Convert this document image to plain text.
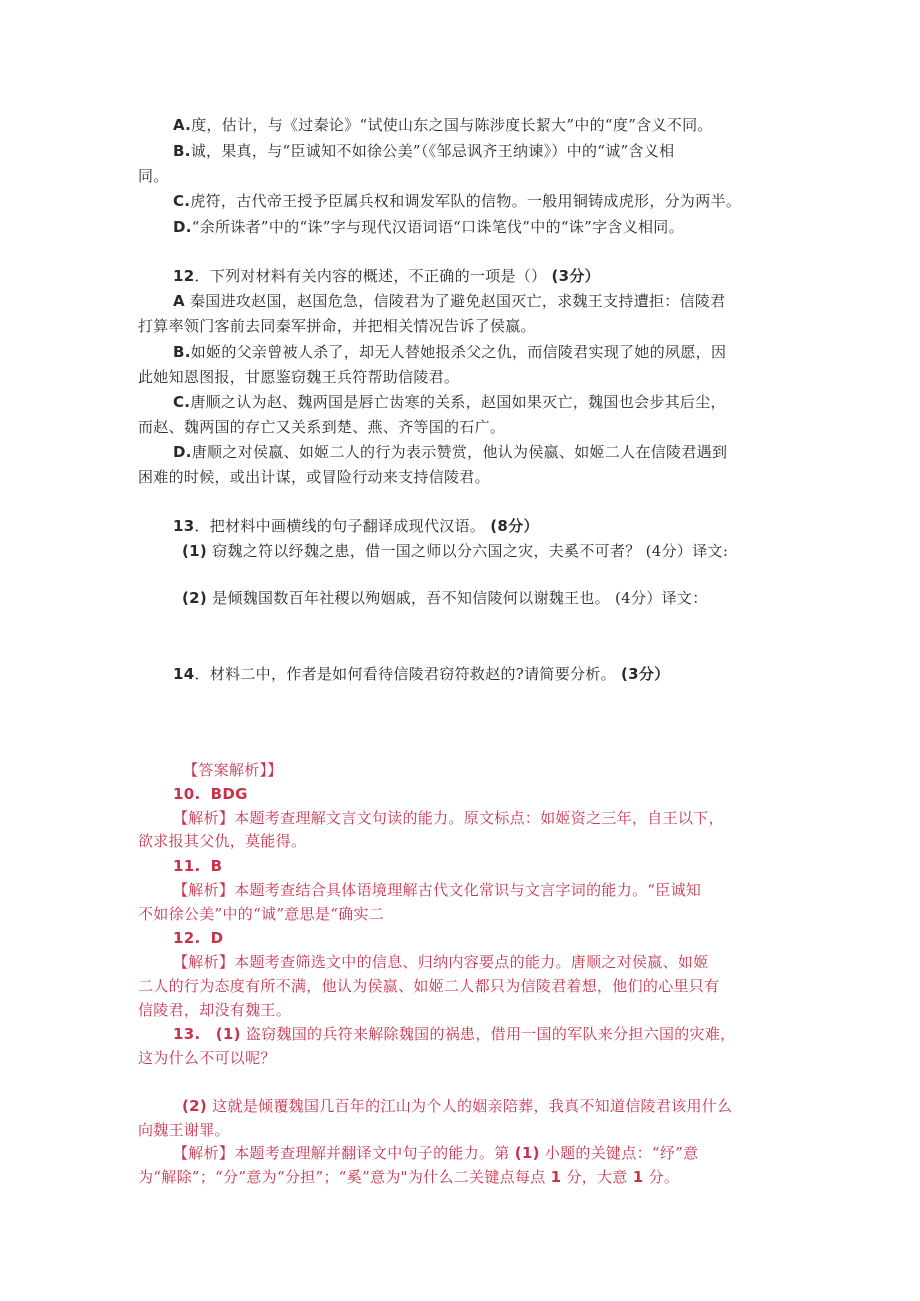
A.度，估计，与《过秦论》“试使山东之国与陈涉度长絜大”中的“度”含义不同。
B.诚，果真，与“臣诚知不如徐公美”（《邹忌讽齐王纳谏》）中的“诚”含义相
同。
C.虎符，古代帝王授予臣属兵权和调发军队的信物。一般用铜铸成虎形，分为两半。
D.“余所诛者”中的“诛”字与现代汉语词语“口诛笔伐”中的“诛”字含义相同。
12．下列对材料有关内容的概述，不正确的一项是（） (3分）
A 秦国进攻赵国，赵国危急，信陵君为了避免赵国灭亡，求魏王支持遭拒：信陵君
打算率领门客前去同秦军拼命，并把相关情况告诉了侯嬴。
B.如姬的父亲曾被人杀了，却无人替她报杀父之仇，而信陵君实现了她的夙愿，因
此她知恩图报，甘愿鉴窃魏王兵符帮助信陵君。
C.唐顺之认为赵、魏两国是唇亡齿寒的关系，赵国如果灭亡，魏国也会步其后尘，
而赵、魏两国的存亡又关系到楚、燕、齐等国的石广。
D.唐顺之对侯嬴、如姬二人的行为表示赞赏，他认为侯嬴、如姬二人在信陵君遇到
困难的时候，或出计谋，或冒险行动来支持信陵君。
13．把材料中画横线的句子翻译成现代汉语。 (8分）
(1) 窃魏之符以纾魏之患，借一国之师以分六国之灾，夫奚不可者？ (4分）译文:
(2) 是倾魏国数百年社稷以殉姻戚，吾不知信陵何以谢魏王也。 (4分）译文：
14．材料二中，作者是如何看待信陵君窃符救赵的?请简要分析。 (3分）
【答案解析】】
10. BDG
【解析】本题考查理解文言文句读的能力。原文标点：如姬资之三年，自王以下，
欲求报其父仇，莫能得。
11. B
【解析】本题考查结合具体语境理解古代文化常识与文言字词的能力。“臣诚知
不如徐公美”中的“诚”意思是“确实二
12. D
【解析】本题考查筛选文中的信息、归纳内容要点的能力。唐顺之对侯嬴、如姬
二人的行为态度有所不满，他认为侯嬴、如姬二人都只为信陵君着想，他们的心里只有
信陵君，却没有魏王。
13. (1) 盗窃魏国的兵符来解除魏国的祸患，借用一国的军队来分担六国的灾难，
这为什么不可以呢？
(2) 这就是倾覆魏国几百年的江山为个人的姻亲陪葬，我真不知道信陵君该用什么
向魏王谢罪。
【解析】本题考查理解并翻译文中句子的能力。第 (1) 小题的关键点：“纾”意
为“解除”；“分”意为“分担”；“奚”意为"为什么二关键点每点 1 分，大意 1 分。
